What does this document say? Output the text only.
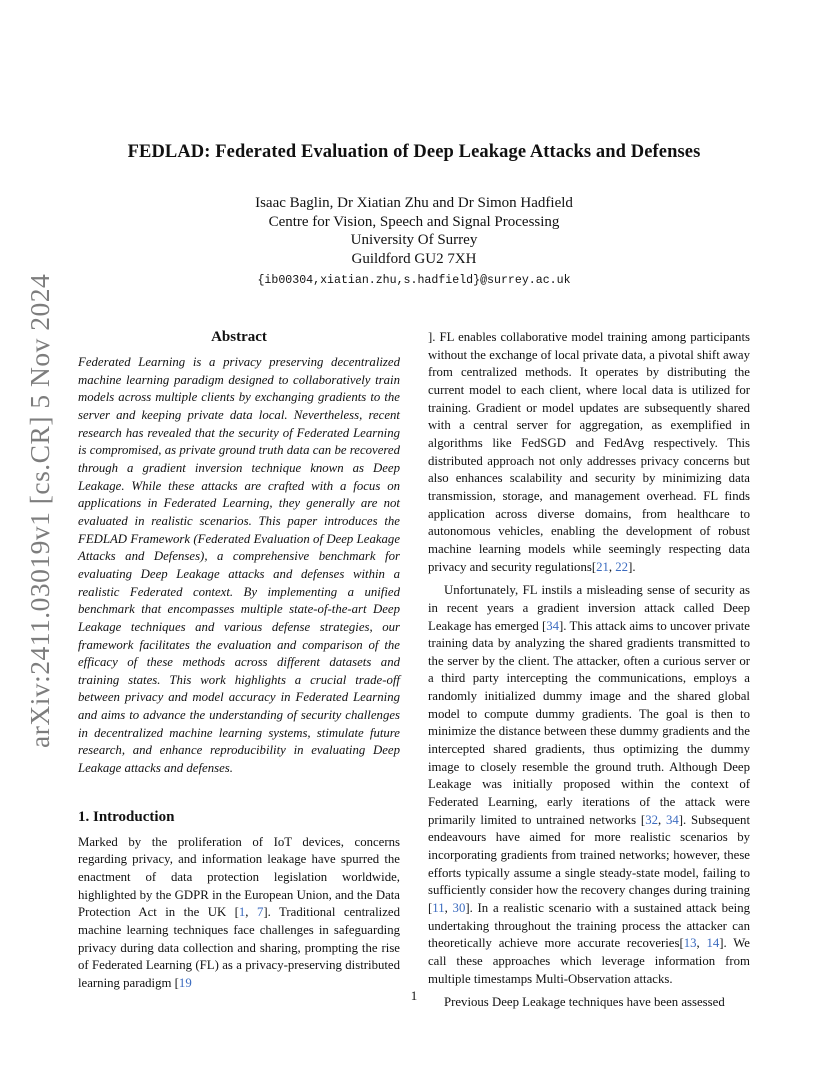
arXiv:2411.03019v1 [cs.CR] 5 Nov 2024
FEDLAD: Federated Evaluation of Deep Leakage Attacks and Defenses
Isaac Baglin, Dr Xiatian Zhu and Dr Simon Hadfield
Centre for Vision, Speech and Signal Processing
University Of Surrey
Guildford GU2 7XH
{ib00304,xiatian.zhu,s.hadfield}@surrey.ac.uk
Abstract

Federated Learning is a privacy preserving decentralized machine learning paradigm designed to collaboratively train models across multiple clients by exchanging gradients to the server and keeping private data local. Nevertheless, recent research has revealed that the security of Federated Learning is compromised, as private ground truth data can be recovered through a gradient inversion technique known as Deep Leakage. While these attacks are crafted with a focus on applications in Federated Learning, they generally are not evaluated in realistic scenarios. This paper introduces the FEDLAD Framework (Federated Evaluation of Deep Leakage Attacks and Defenses), a comprehensive benchmark for evaluating Deep Leakage attacks and defenses within a realistic Federated context. By implementing a unified benchmark that encompasses multiple state-of-the-art Deep Leakage techniques and various defense strategies, our framework facilitates the evaluation and comparison of the efficacy of these methods across different datasets and training states. This work highlights a crucial trade-off between privacy and model accuracy in Federated Learning and aims to advance the understanding of security challenges in decentralized machine learning systems, stimulate future research, and enhance reproducibility in evaluating Deep Leakage attacks and defenses.

1. Introduction

Marked by the proliferation of IoT devices, concerns regarding privacy, and information leakage have spurred the enactment of data protection legislation worldwide, highlighted by the GDPR in the European Union, and the Data Protection Act in the UK [1, 7]. Traditional centralized machine learning techniques face challenges in safeguarding privacy during data collection and sharing, prompting the rise of Federated Learning (FL) as a privacy-preserving distributed learning paradigm [19

]. FL enables collaborative model training among participants without the exchange of local private data, a pivotal shift away from centralized methods. It operates by distributing the current model to each client, where local data is utilized for training. Gradient or model updates are subsequently shared with a central server for aggregation, as exemplified in algorithms like FedSGD and FedAvg respectively. This distributed approach not only addresses privacy concerns but also enhances scalability and security by minimizing data transmission, storage, and management overhead. FL finds application across diverse domains, from healthcare to autonomous vehicles, enabling the development of robust machine learning models while seemingly respecting data privacy and security regulations[21, 22].

Unfortunately, FL instils a misleading sense of security as in recent years a gradient inversion attack called Deep Leakage has emerged [34]. This attack aims to uncover private training data by analyzing the shared gradients transmitted to the server by the client. The attacker, often a curious server or a third party intercepting the communications, employs a randomly initialized dummy image and the shared global model to compute dummy gradients. The goal is then to minimize the distance between these dummy gradients and the intercepted shared gradients, thus optimizing the dummy image to closely resemble the ground truth. Although Deep Leakage was initially proposed within the context of Federated Learning, early iterations of the attack were primarily limited to untrained networks [32, 34]. Subsequent endeavours have aimed for more realistic scenarios by incorporating gradients from trained networks; however, these efforts typically assume a single steady-state model, failing to sufficiently consider how the recovery changes during training [11, 30]. In a realistic scenario with a sustained attack being undertaking throughout the training process the attacker can theoretically achieve more accurate recoveries[13, 14]. We call these approaches which leverage information from multiple timestamps Multi-Observation attacks.

Previous Deep Leakage techniques have been assessed

1
